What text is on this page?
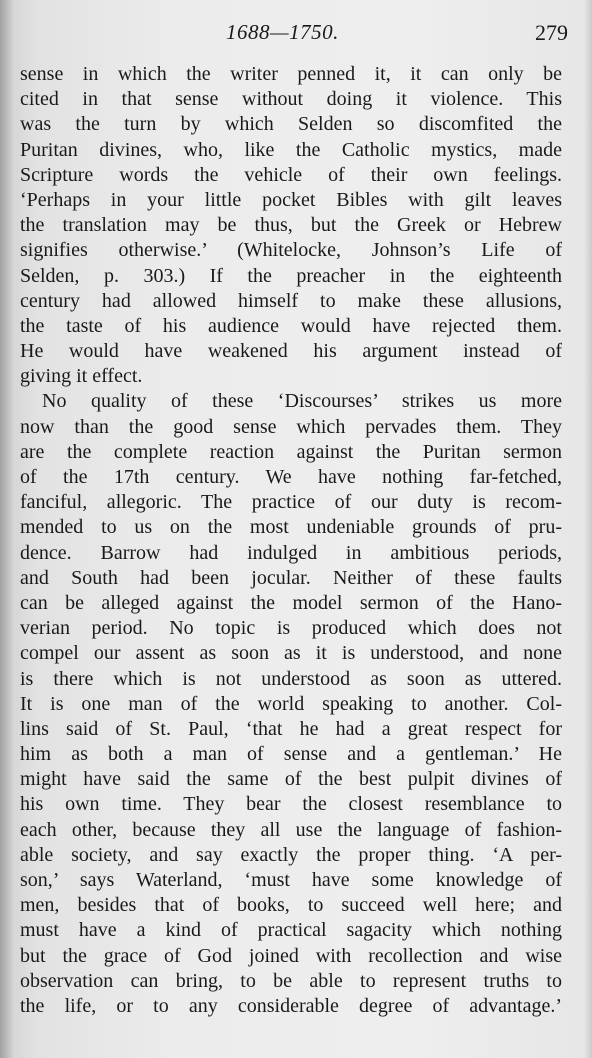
1688—1750.	279
sense in which the writer penned it, it can only be
cited in that sense without doing it violence. This
was the turn by which Selden so discomfited the
Puritan divines, who, like the Catholic mystics, made
Scripture words the vehicle of their own feelings.
‘Perhaps in your little pocket Bibles with gilt leaves
the translation may be thus, but the Greek or Hebrew
signifies otherwise.’ (Whitelocke, Johnson’s Life of
Selden, p. 303.) If the preacher in the eighteenth
century had allowed himself to make these allusions,
the taste of his audience would have rejected them.
He would have weakened his argument instead of
giving it effect.
No quality of these ‘Discourses’ strikes us more
now than the good sense which pervades them. They
are the complete reaction against the Puritan sermon
of the 17th century. We have nothing far-fetched,
fanciful, allegoric. The practice of our duty is recom-
mended to us on the most undeniable grounds of pru-
dence. Barrow had indulged in ambitious periods,
and South had been jocular. Neither of these faults
can be alleged against the model sermon of the Hano-
verian period. No topic is produced which does not
compel our assent as soon as it is understood, and none
is there which is not understood as soon as uttered.
It is one man of the world speaking to another. Col-
lins said of St. Paul, ‘that he had a great respect for
him as both a man of sense and a gentleman.’ He
might have said the same of the best pulpit divines of
his own time. They bear the closest resemblance to
each other, because they all use the language of fashion-
able society, and say exactly the proper thing. ‘A per-
son,’ says Waterland, ‘must have some knowledge of
men, besides that of books, to succeed well here; and
must have a kind of practical sagacity which nothing
but the grace of God joined with recollection and wise
observation can bring, to be able to represent truths to
the life, or to any considerable degree of advantage.’
